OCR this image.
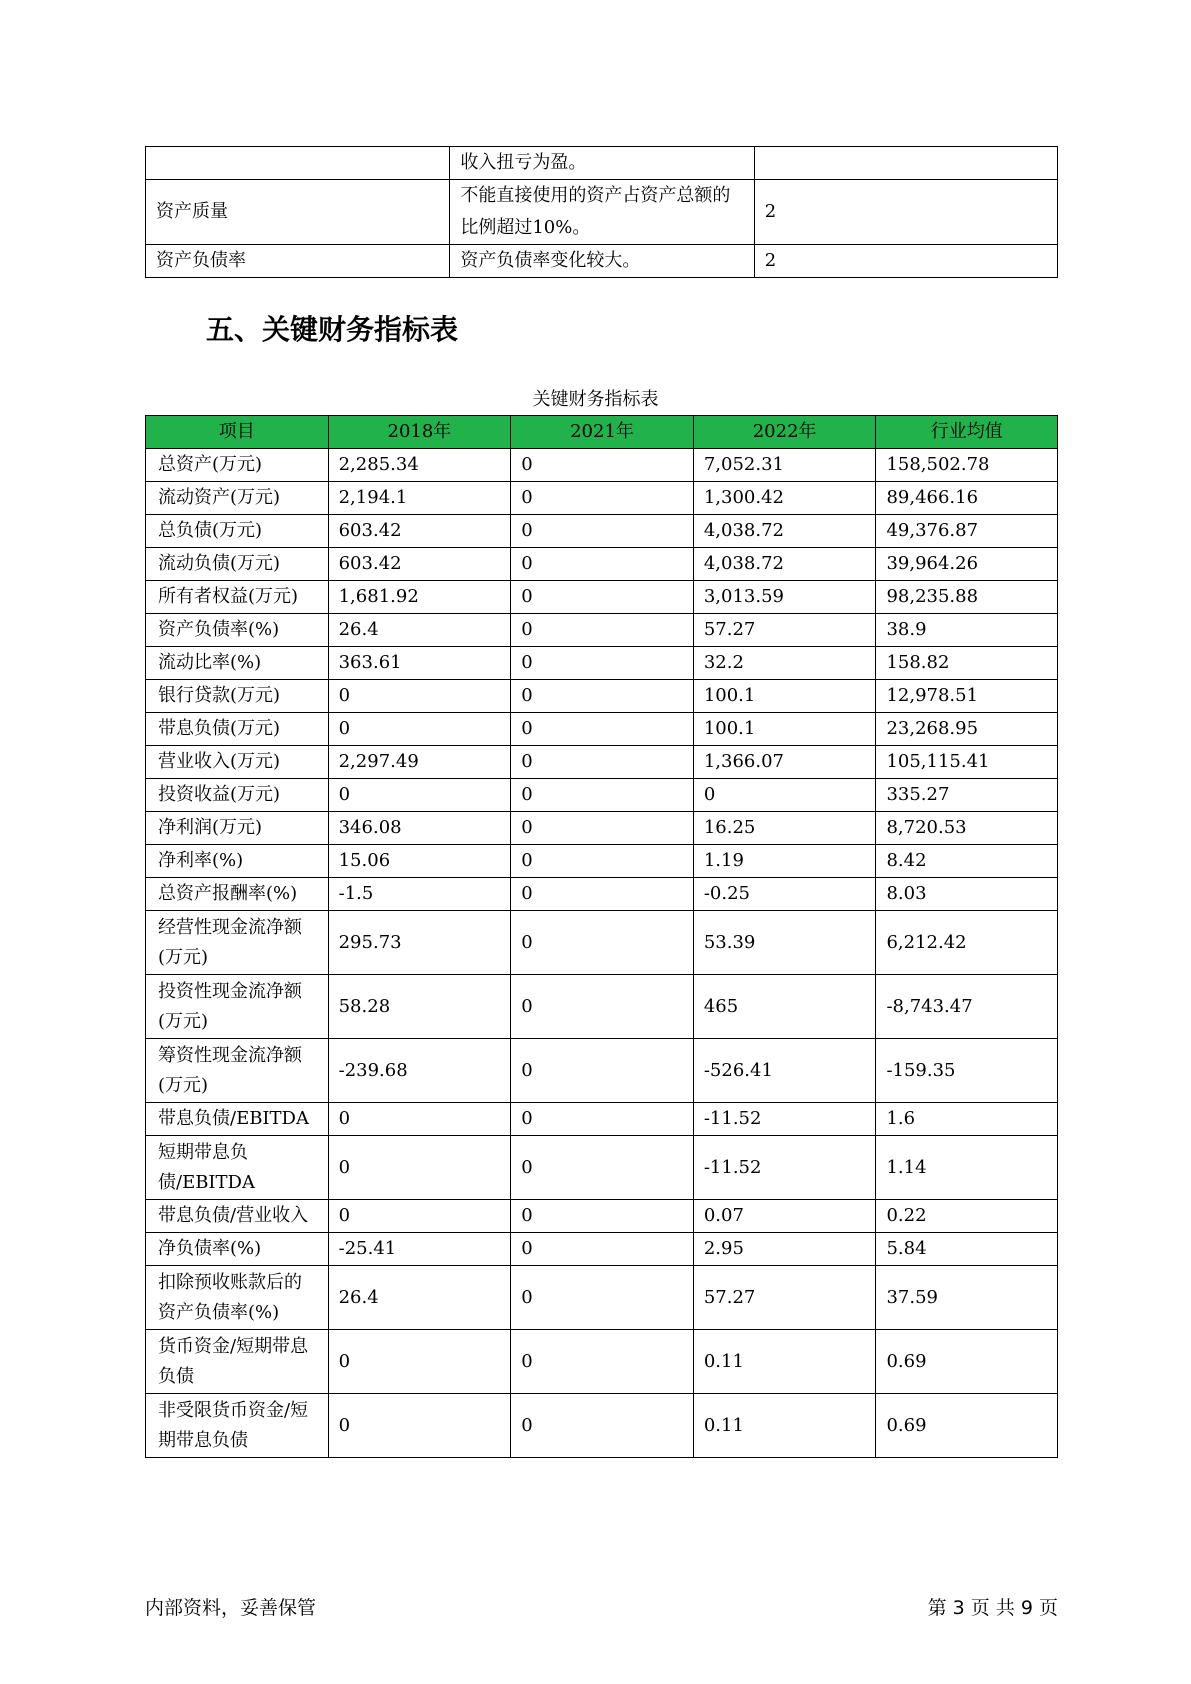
	收入扭亏为盈。	
资产质量	不能直接使用的资产占资产总额的比例超过10%。	2
资产负债率	资产负债率变化较大。	2
五、关键财务指标表
关键财务指标表
项目	2018年	2021年	2022年	行业均值
总资产(万元)	2,285.34	0	7,052.31	158,502.78
流动资产(万元)	2,194.1	0	1,300.42	89,466.16
总负债(万元)	603.42	0	4,038.72	49,376.87
流动负债(万元)	603.42	0	4,038.72	39,964.26
所有者权益(万元)	1,681.92	0	3,013.59	98,235.88
资产负债率(%)	26.4	0	57.27	38.9
流动比率(%)	363.61	0	32.2	158.82
银行贷款(万元)	0	0	100.1	12,978.51
带息负债(万元)	0	0	100.1	23,268.95
营业收入(万元)	2,297.49	0	1,366.07	105,115.41
投资收益(万元)	0	0	0	335.27
净利润(万元)	346.08	0	16.25	8,720.53
净利率(%)	15.06	0	1.19	8.42
总资产报酬率(%)	-1.5	0	-0.25	8.03
经营性现金流净额(万元)	295.73	0	53.39	6,212.42
投资性现金流净额(万元)	58.28	0	465	-8,743.47
筹资性现金流净额(万元)	-239.68	0	-526.41	-159.35
带息负债/EBITDA	0	0	-11.52	1.6
短期带息负债/EBITDA	0	0	-11.52	1.14
带息负债/营业收入	0	0	0.07	0.22
净负债率(%)	-25.41	0	2.95	5.84
扣除预收账款后的资产负债率(%)	26.4	0	57.27	37.59
货币资金/短期带息负债	0	0	0.11	0.69
非受限货币资金/短期带息负债	0	0	0.11	0.69
内部资料，妥善保管	第 3 页 共 9 页
